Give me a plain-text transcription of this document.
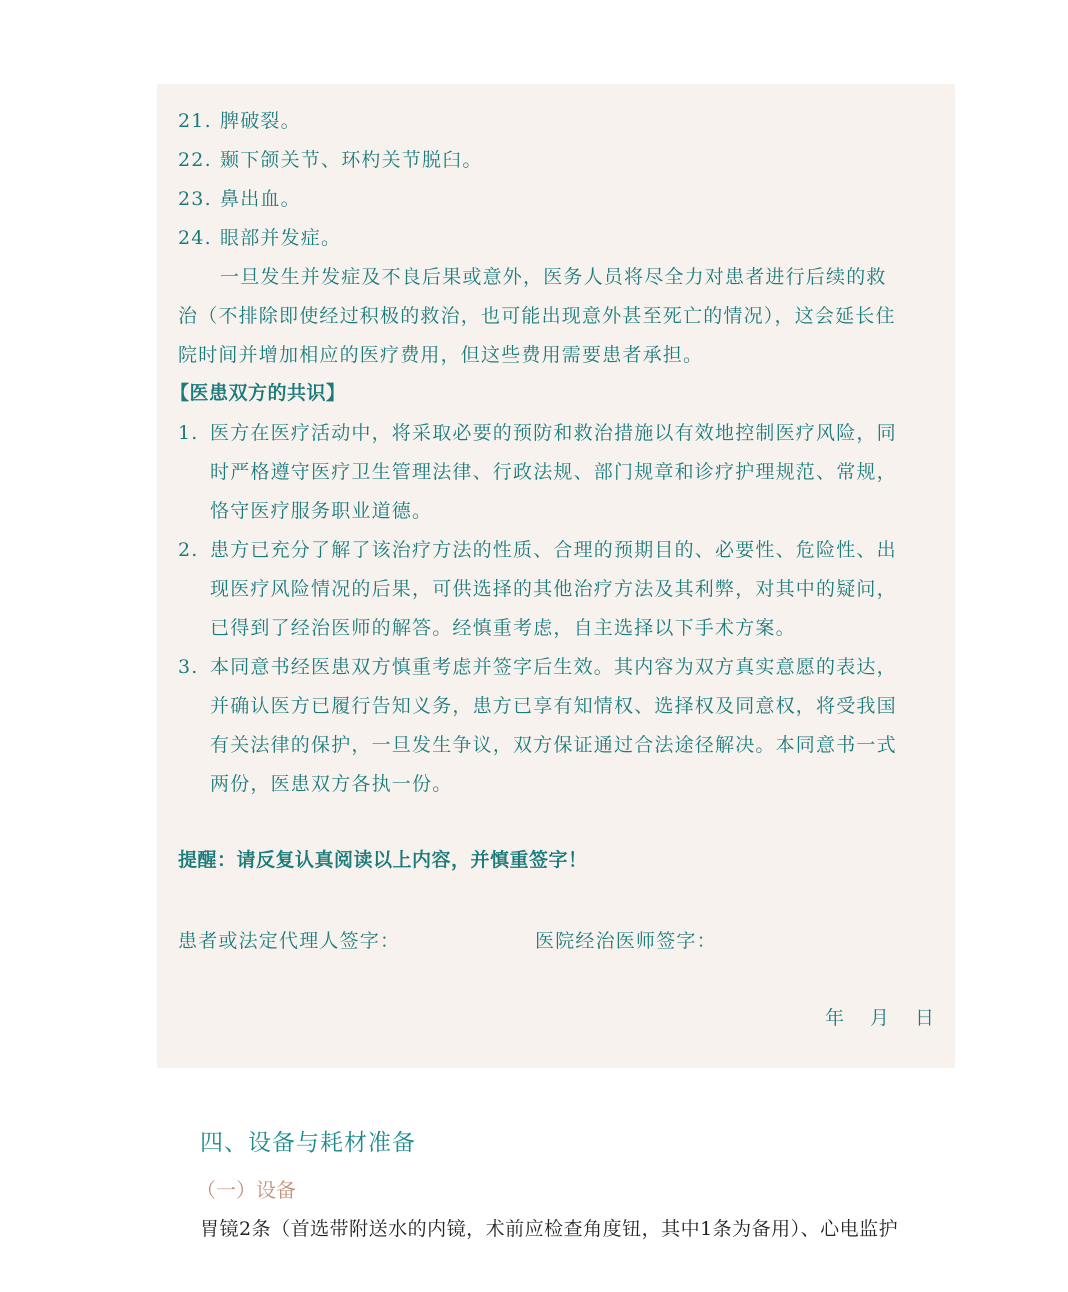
21. 脾破裂。
22. 颞下颌关节、环杓关节脱臼。
23. 鼻出血。
24. 眼部并发症。
一旦发生并发症及不良后果或意外，医务人员将尽全力对患者进行后续的救
治（不排除即使经过积极的救治，也可能出现意外甚至死亡的情况），这会延长住
院时间并增加相应的医疗费用，但这些费用需要患者承担。
【医患双方的共识】
1. 医方在医疗活动中，将采取必要的预防和救治措施以有效地控制医疗风险，同
时严格遵守医疗卫生管理法律、行政法规、部门规章和诊疗护理规范、常规，
恪守医疗服务职业道德。
2. 患方已充分了解了该治疗方法的性质、合理的预期目的、必要性、危险性、出
现医疗风险情况的后果，可供选择的其他治疗方法及其利弊，对其中的疑问，
已得到了经治医师的解答。经慎重考虑，自主选择以下手术方案。
3. 本同意书经医患双方慎重考虑并签字后生效。其内容为双方真实意愿的表达，
并确认医方已履行告知义务，患方已享有知情权、选择权及同意权，将受我国
有关法律的保护，一旦发生争议，双方保证通过合法途径解决。本同意书一式
两份，医患双方各执一份。
提醒：请反复认真阅读以上内容，并慎重签字！
患者或法定代理人签字：	医院经治医师签字：
年 月 日
四、设备与耗材准备
（一）设备
胃镜2条（首选带附送水的内镜，术前应检查角度钮，其中1条为备用）、心电监护
